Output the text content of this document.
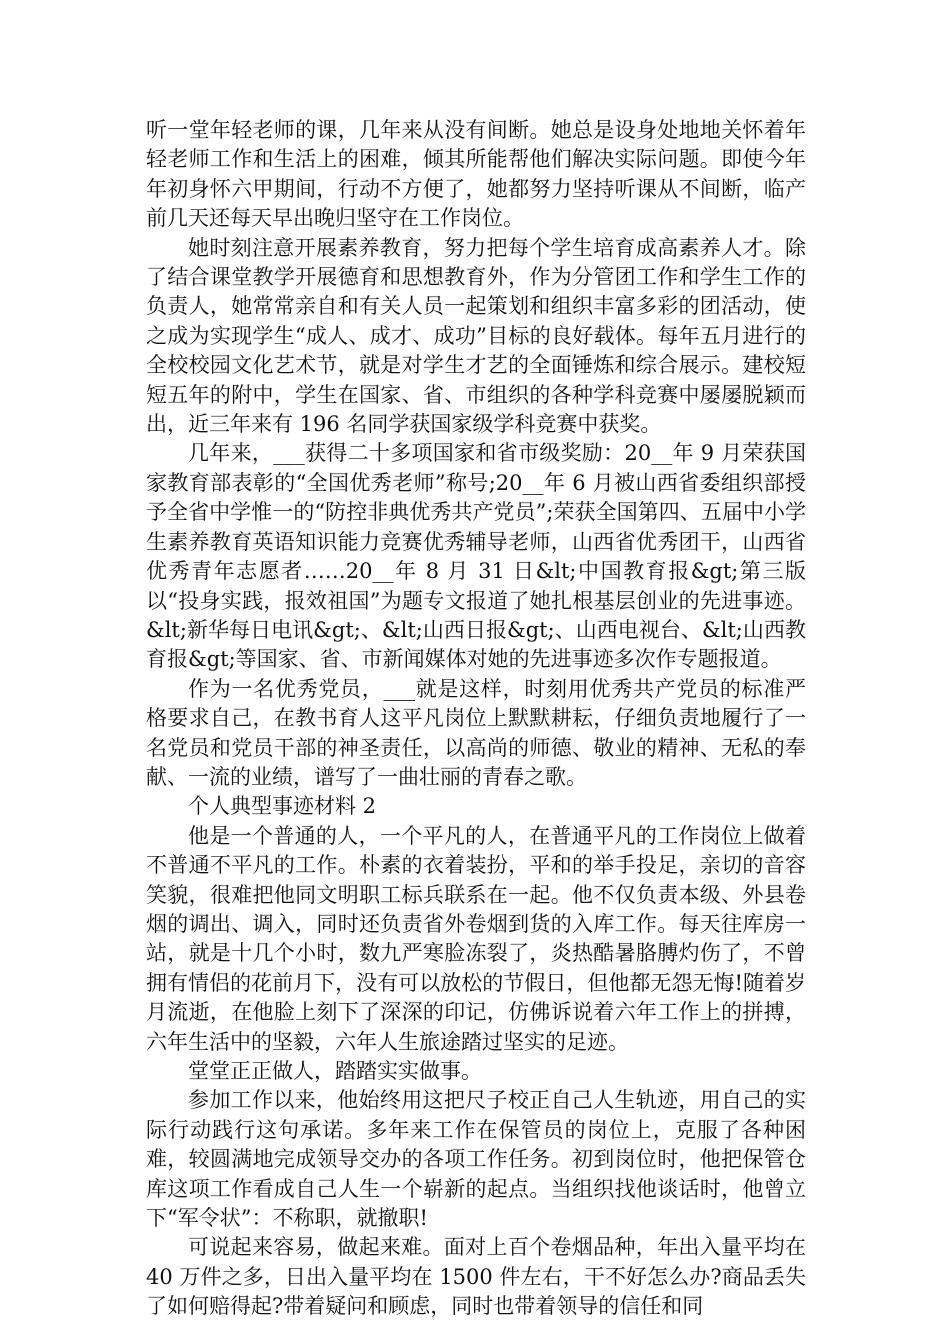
听一堂年轻老师的课，几年来从没有间断。她总是设身处地地关怀着年轻老师工作和生活上的困难，倾其所能帮他们解决实际问题。即使今年年初身怀六甲期间，行动不方便了，她都努力坚持听课从不间断，临产前几天还每天早出晚归坚守在工作岗位。

她时刻注意开展素养教育，努力把每个学生培育成高素养人才。除了结合课堂教学开展德育和思想教育外，作为分管团工作和学生工作的负责人，她常常亲自和有关人员一起策划和组织丰富多彩的团活动，使之成为实现学生“成人、成才、成功”目标的良好载体。每年五月进行的全校校园文化艺术节，就是对学生才艺的全面锤炼和综合展示。建校短短五年的附中，学生在国家、省、市组织的各种学科竞赛中屡屡脱颖而出，近三年来有 196 名同学获国家级学科竞赛中获奖。

几年来，___获得二十多项国家和省市级奖励：20__年 9 月荣获国家教育部表彰的“全国优秀老师”称号;20__年 6 月被山西省委组织部授予全省中学惟一的“防控非典优秀共产党员”;荣获全国第四、五届中小学生素养教育英语知识能力竞赛优秀辅导老师，山西省优秀团干，山西省优秀青年志愿者……20__年 8 月 31 日&lt;中国教育报&gt;第三版以“投身实践，报效祖国”为题专文报道了她扎根基层创业的先进事迹。&lt;新华每日电讯&gt;、&lt;山西日报&gt;、山西电视台、&lt;山西教育报&gt;等国家、省、市新闻媒体对她的先进事迹多次作专题报道。

作为一名优秀党员，___就是这样，时刻用优秀共产党员的标准严格要求自己，在教书育人这平凡岗位上默默耕耘，仔细负责地履行了一名党员和党员干部的神圣责任，以高尚的师德、敬业的精神、无私的奉献、一流的业绩，谱写了一曲壮丽的青春之歌。

个人典型事迹材料 2

他是一个普通的人，一个平凡的人，在普通平凡的工作岗位上做着不普通不平凡的工作。朴素的衣着装扮，平和的举手投足，亲切的音容笑貌，很难把他同文明职工标兵联系在一起。他不仅负责本级、外县卷烟的调出、调入，同时还负责省外卷烟到货的入库工作。每天往库房一站，就是十几个小时，数九严寒脸冻裂了，炎热酷暑胳膊灼伤了，不曾拥有情侣的花前月下，没有可以放松的节假日，但他都无怨无悔!随着岁月流逝，在他脸上刻下了深深的印记，仿佛诉说着六年工作上的拼搏，六年生活中的坚毅，六年人生旅途踏过坚实的足迹。

堂堂正正做人，踏踏实实做事。

参加工作以来，他始终用这把尺子校正自己人生轨迹，用自己的实际行动践行这句承诺。多年来工作在保管员的岗位上，克服了各种困难，较圆满地完成领导交办的各项工作任务。初到岗位时，他把保管仓库这项工作看成自己人生一个崭新的起点。当组织找他谈话时，他曾立下“军令状”：不称职，就撤职!

可说起来容易，做起来难。面对上百个卷烟品种，年出入量平均在 40 万件之多，日出入量平均在 1500 件左右，干不好怎么办?商品丢失了如何赔得起?带着疑问和顾虑，同时也带着领导的信任和同
